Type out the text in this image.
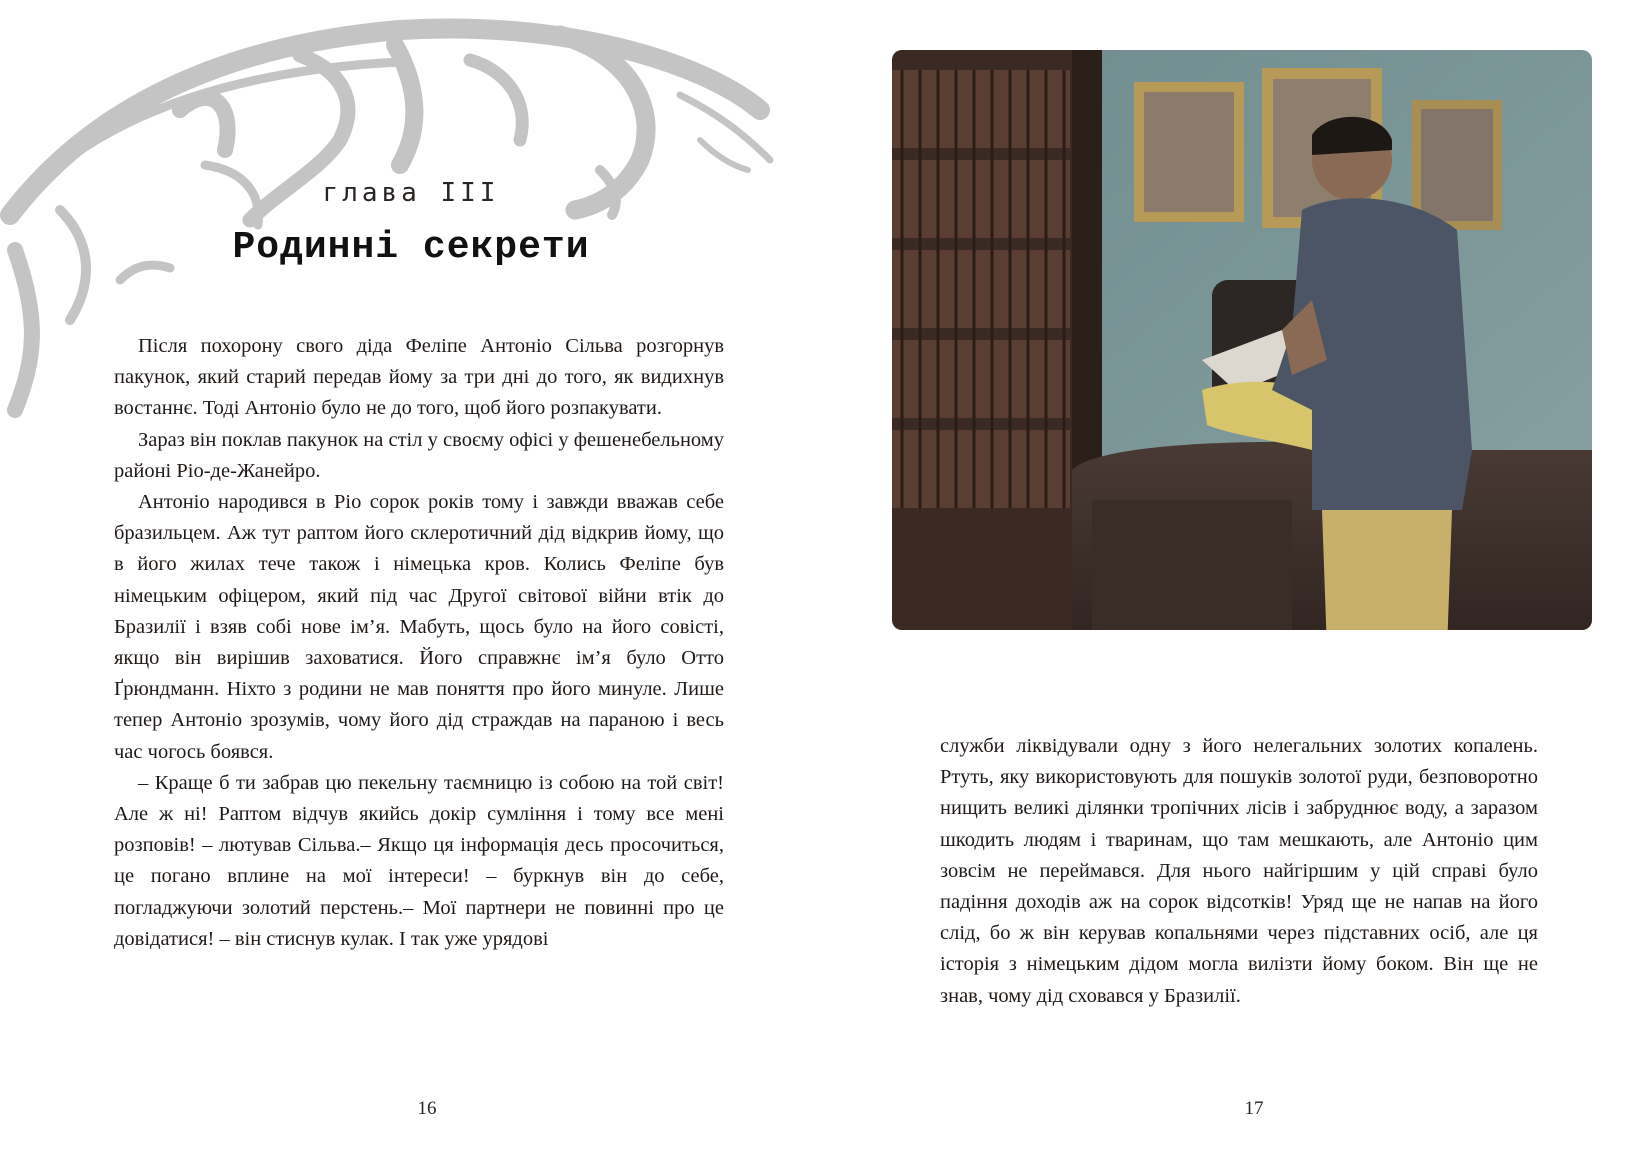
глава III
Родинні секрети

Після похорону свого діда Феліпе Антоніо Сільва розгорнув пакунок, який старий передав йому за три дні до того, як видихнув востаннє. Тоді Антоніо було не до того, щоб його розпакувати.

Зараз він поклав пакунок на стіл у своєму офісі у фешенебельному районі Ріо-де-Жанейро.

Антоніо народився в Ріо сорок років тому і завжди вважав себе бразильцем. Аж тут раптом його склеротичний дід відкрив йому, що в його жилах тече також і німецька кров. Колись Феліпе був німецьким офіцером, який під час Другої світової війни втік до Бразилії і взяв собі нове ім’я. Мабуть, щось було на його совісті, якщо він вирішив заховатися. Його справжнє ім’я було Отто Ґрюндманн. Ніхто з родини не мав поняття про його минуле. Лише тепер Антоніо зрозумів, чому його дід страждав на параною і весь час чогось боявся.

– Краще б ти забрав цю пекельну таємницю із собою на той світ! Але ж ні! Раптом відчув якийсь докір сумління і тому все мені розповів! – лютував Сільва.– Якщо ця інформація десь просочиться, це погано вплине на мої інтереси! – буркнув він до себе, погладжуючи золотий перстень.– Мої партнери не повинні про це довідатися! – він стиснув кулак. І так уже урядові

16

служби ліквідували одну з його нелегальних золотих копалень. Ртуть, яку використовують для пошуків золотої руди, безповоротно нищить великі ділянки тропічних лісів і забруднює воду, а заразом шкодить людям і тваринам, що там мешкають, але Антоніо цим зовсім не переймався. Для нього найгіршим у цій справі було падіння доходів аж на сорок відсотків! Уряд ще не напав на його слід, бо ж він керував копальнями через підставних осіб, але ця історія з німецьким дідом могла вилізти йому боком. Він ще не знав, чому дід сховався у Бразилії.

17
